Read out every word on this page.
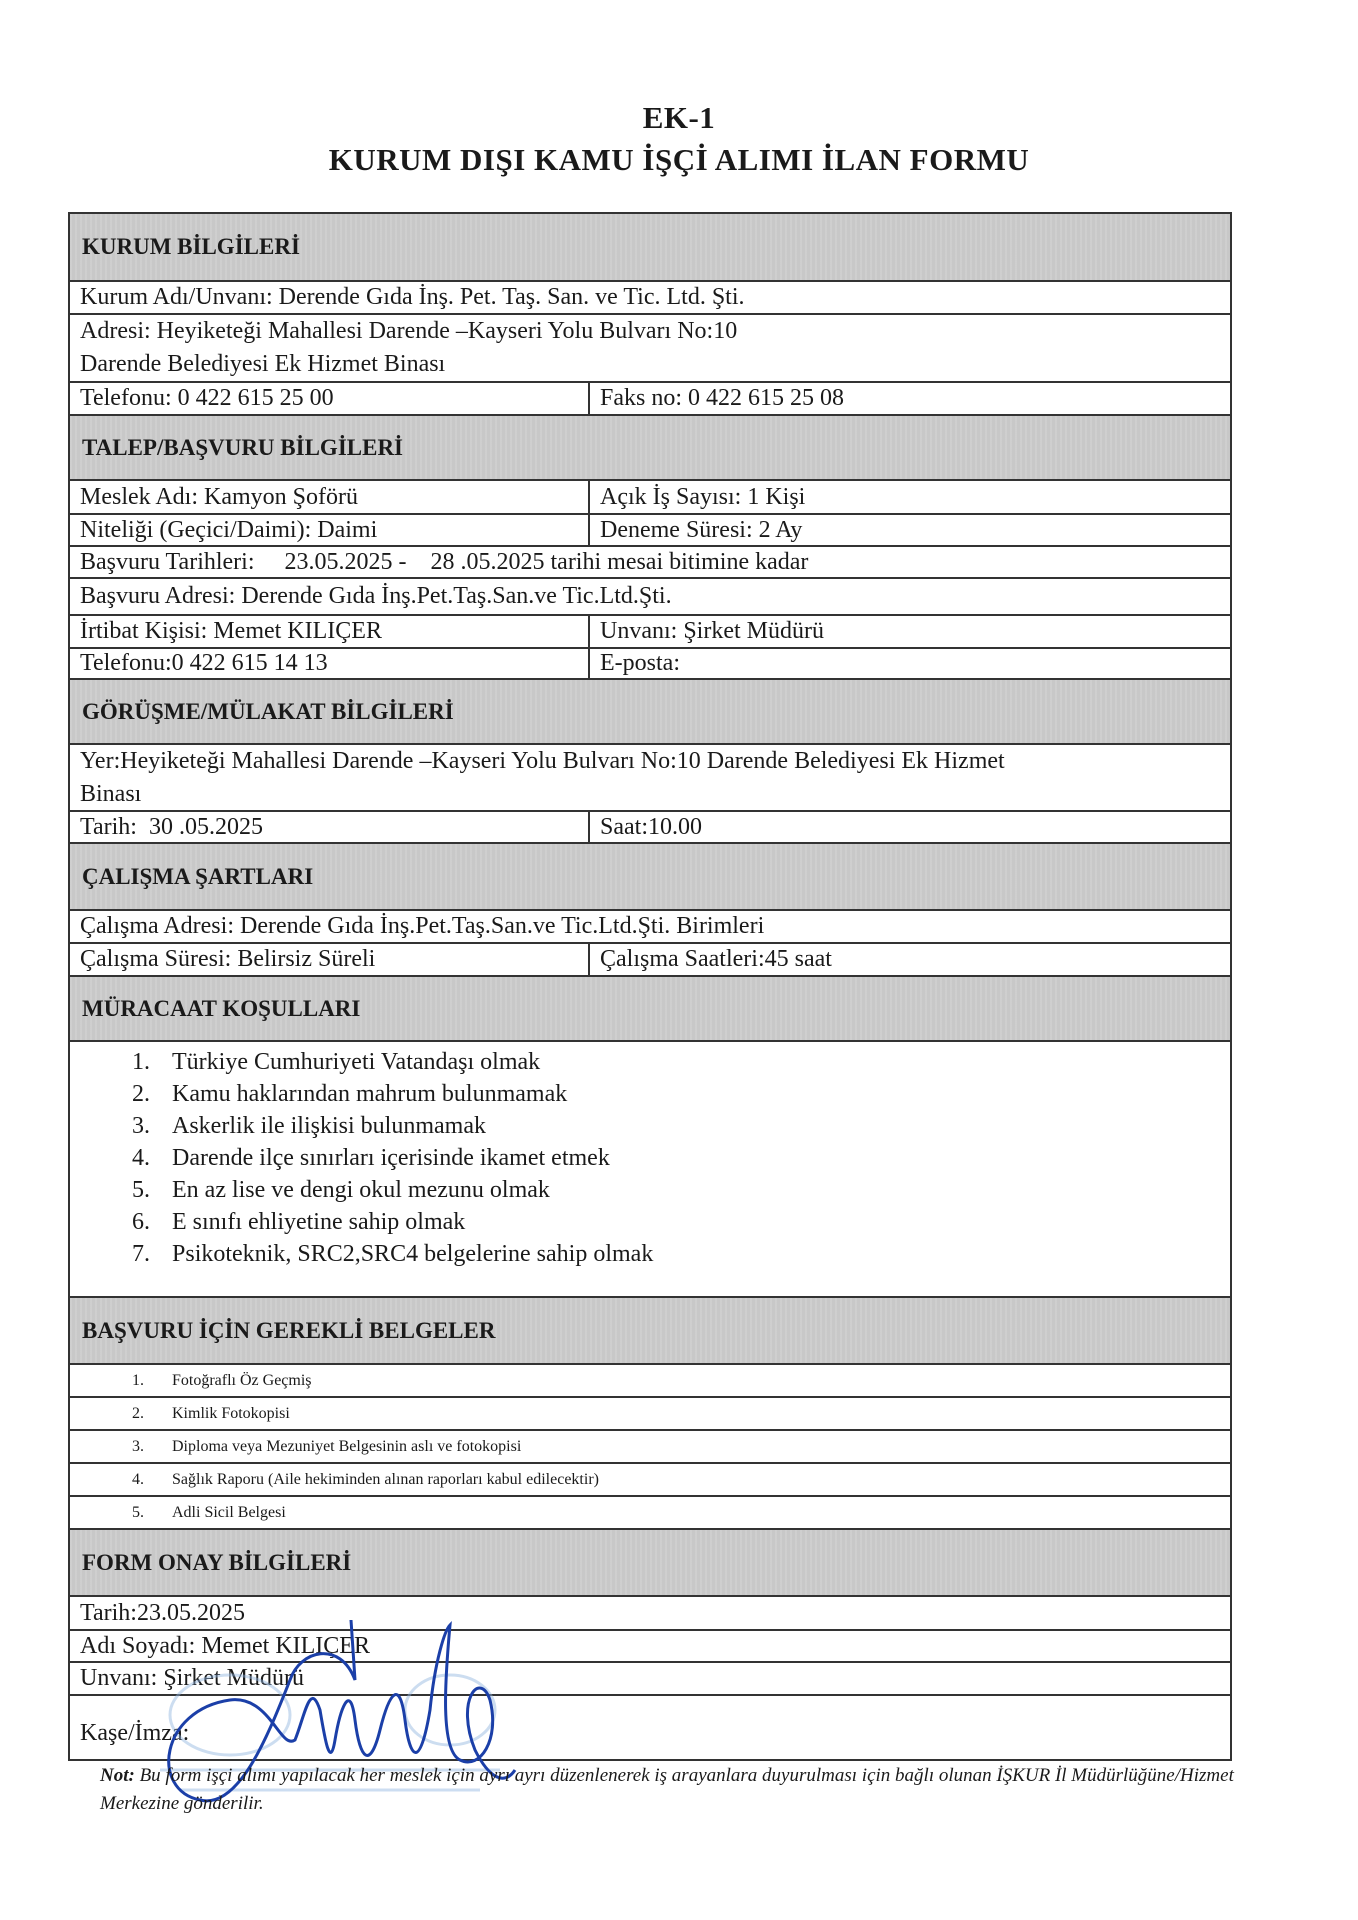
EK-1
KURUM DIŞI KAMU İŞÇİ ALIMI İLAN FORMU
KURUM BİLGİLERİ
Kurum Adı/Unvanı: Derende Gıda İnş. Pet. Taş. San. ve Tic. Ltd. Şti.
Adresi: Heyiketeği Mahallesi Darende –Kayseri Yolu Bulvarı No:10
Darende Belediyesi Ek Hizmet Binası
Telefonu: 0 422 615 25 00	Faks no: 0 422 615 25 08
TALEP/BAŞVURU BİLGİLERİ
Meslek Adı: Kamyon Şoförü	Açık İş Sayısı: 1 Kişi
Niteliği (Geçici/Daimi): Daimi	Deneme Süresi: 2 Ay
Başvuru Tarihleri:     23.05.2025 -    28 .05.2025 tarihi mesai bitimine kadar
Başvuru Adresi: Derende Gıda İnş.Pet.Taş.San.ve Tic.Ltd.Şti.
İrtibat Kişisi: Memet KILIÇER	Unvanı: Şirket Müdürü
Telefonu:0 422 615 14 13	E-posta:
GÖRÜŞME/MÜLAKAT BİLGİLERİ
Yer:Heyiketeği Mahallesi Darende –Kayseri Yolu Bulvarı No:10 Darende Belediyesi Ek Hizmet
Binası
Tarih:  30 .05.2025	Saat:10.00
ÇALIŞMA ŞARTLARI
Çalışma Adresi: Derende Gıda İnş.Pet.Taş.San.ve Tic.Ltd.Şti. Birimleri
Çalışma Süresi: Belirsiz Süreli	Çalışma Saatleri:45 saat
MÜRACAAT KOŞULLARI
1. Türkiye Cumhuriyeti Vatandaşı olmak
2. Kamu haklarından mahrum bulunmamak
3. Askerlik ile ilişkisi bulunmamak
4. Darende ilçe sınırları içerisinde ikamet etmek
5. En az lise ve dengi okul mezunu olmak
6. E sınıfı ehliyetine sahip olmak
7. Psikoteknik, SRC2,SRC4 belgelerine sahip olmak
BAŞVURU İÇİN GEREKLİ BELGELER
1.	Fotoğraflı Öz Geçmiş
2.	Kimlik Fotokopisi
3.	Diploma veya Mezuniyet Belgesinin aslı ve fotokopisi
4.	Sağlık Raporu (Aile hekiminden alınan raporları kabul edilecektir)
5.	Adli Sicil Belgesi
FORM ONAY BİLGİLERİ
Tarih:23.05.2025
Adı Soyadı: Memet KILIÇER
Unvanı: Şirket Müdürü
Kaşe/İmza:
Not: Bu form işçi alımı yapılacak her meslek için ayrı ayrı düzenlenerek iş arayanlara duyurulması için bağlı olunan İŞKUR İl Müdürlüğüne/Hizmet Merkezine gönderilir.
